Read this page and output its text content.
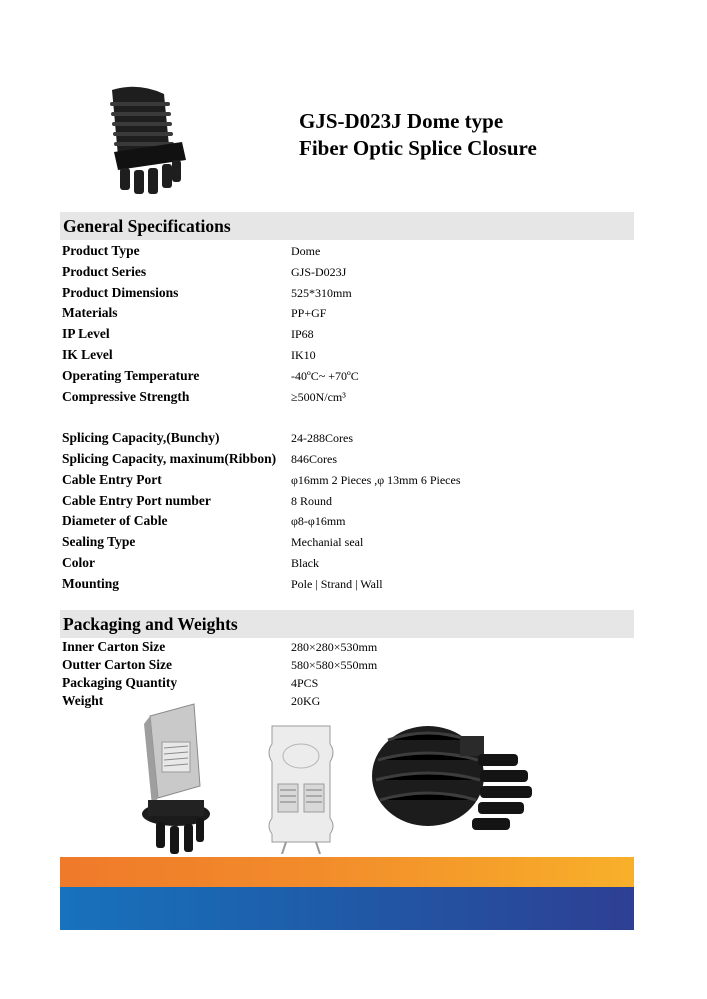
GJS-D023J Dome type
Fiber Optic Splice Closure
General Specifications
Product Type	Dome
Product Series	GJS-D023J
Product Dimensions	525*310mm
Materials	PP+GF
IP Level	IP68
IK Level	IK10
Operating Temperature	-40ºC~ +70ºC
Compressive Strength	≥500N/cm³
Splicing Capacity,(Bunchy)	24-288Cores
Splicing Capacity, maxinum(Ribbon)	846Cores
Cable Entry Port	φ16mm 2 Pieces ,φ 13mm 6 Pieces
Cable Entry Port number	8 Round
Diameter of Cable	φ8-φ16mm
Sealing Type	Mechanial seal
Color	Black
Mounting	Pole | Strand | Wall
Packaging and Weights
Inner Carton Size	280×280×530mm
Outter Carton Size	580×580×550mm
Packaging Quantity	4PCS
Weight	20KG
